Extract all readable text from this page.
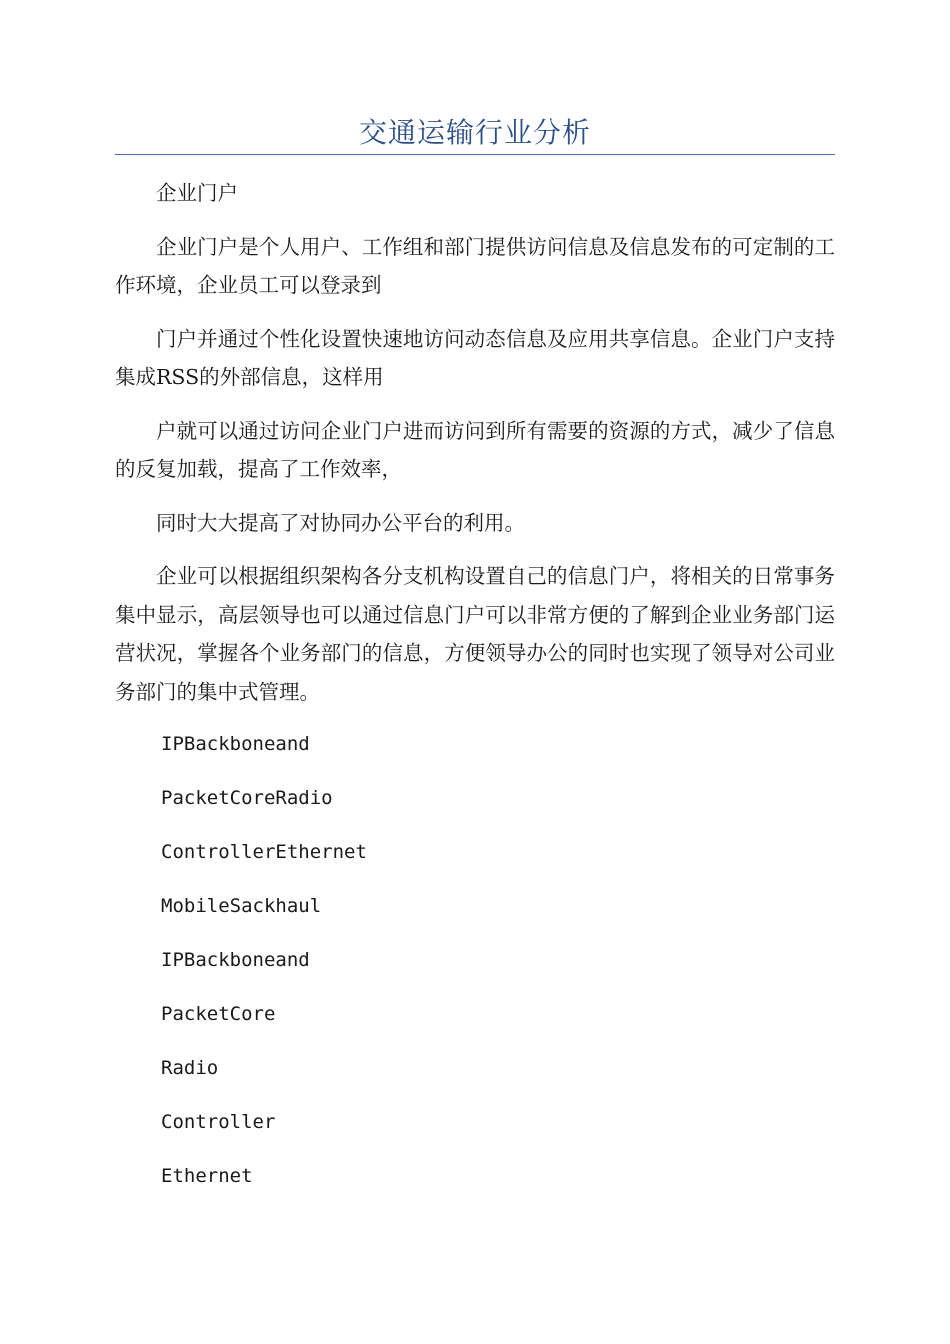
交通运输行业分析

企业门户

企业门户是个人用户、工作组和部门提供访问信息及信息发布的可定制的工作环境，企业员工可以登录到

门户并通过个性化设置快速地访问动态信息及应用共享信息。企业门户支持集成RSS的外部信息，这样用

户就可以通过访问企业门户进而访问到所有需要的资源的方式，减少了信息的反复加载，提高了工作效率，

同时大大提高了对协同办公平台的利用。

企业可以根据组织架构各分支机构设置自己的信息门户，将相关的日常事务集中显示，高层领导也可以通过信息门户可以非常方便的了解到企业业务部门运营状况，掌握各个业务部门的信息，方便领导办公的同时也实现了领导对公司业务部门的集中式管理。

IPBackboneand
PacketCoreRadio
ControllerEthernet
MobileSackhaul
IPBackboneand
PacketCore
Radio
Controller
Ethernet
